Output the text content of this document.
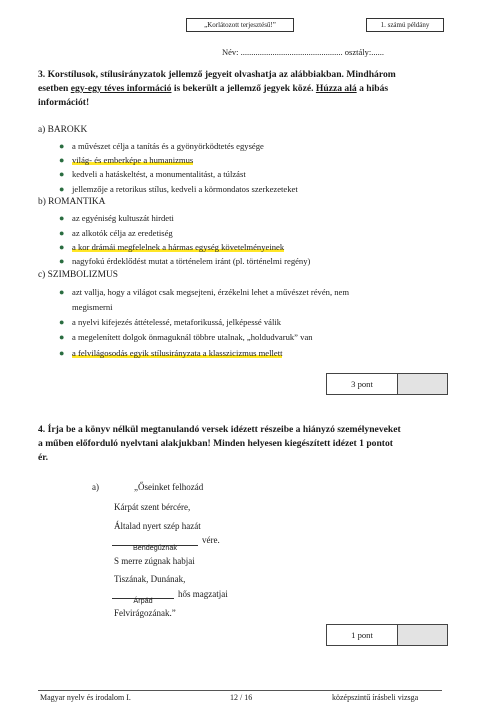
„Korlátozott terjesztésű!”	1. számú példány
Név: ................................................ osztály:......
3. Korstílusok, stílusirányzatok jellemző jegyeit olvashatja az alábbiakban. Mindhárom
esetben egy-egy téves információ is bekerült a jellemző jegyek közé. Húzza alá a hibás
információt!
a) BAROKK
● a művészet célja a tanítás és a gyönyörködtetés egysége
● világ- és emberképe a humanizmus
● kedveli a hatáskeltést, a monumentalitást, a túlzást
● jellemzője a retorikus stílus, kedveli a körmondatos szerkezeteket
b) ROMANTIKA
● az egyéniség kultuszát hirdeti
● az alkotók célja az eredetiség
● a kor drámái megfelelnek a hármas egység követelményeinek
● nagyfokú érdeklődést mutat a történelem iránt (pl. történelmi regény)
c) SZIMBOLIZMUS
● azt vallja, hogy a világot csak megsejteni, érzékelni lehet a művészet révén, nem
megismerni
● a nyelvi kifejezés áttételessé, metaforikussá, jelképessé válik
● a megelenített dolgok önmaguknál többre utalnak, „holdudvaruk” van
● a felvilágosodás egyik stílusirányzata a klasszicizmus mellett
3 pont
4. Írja be a könyv nélkül megtanulandó versek idézett részeibe a hiányzó személyneveket
a műben előforduló nyelvtani alakjukban! Minden helyesen kiegészített idézet 1 pontot
ér.
a)	„Őseinket felhozád
Kárpát szent bércére,
Általad nyert szép hazát
$_{Bendegúznak}$
vére.
S merre zúgnak habjai
Tiszának, Dunának,
$_{Árpád}$
hős magzatjai
Felvirágozának.”
1 pont
Magyar nyelv és irodalom I.	12 / 16	középszintű írásbeli vizsga
